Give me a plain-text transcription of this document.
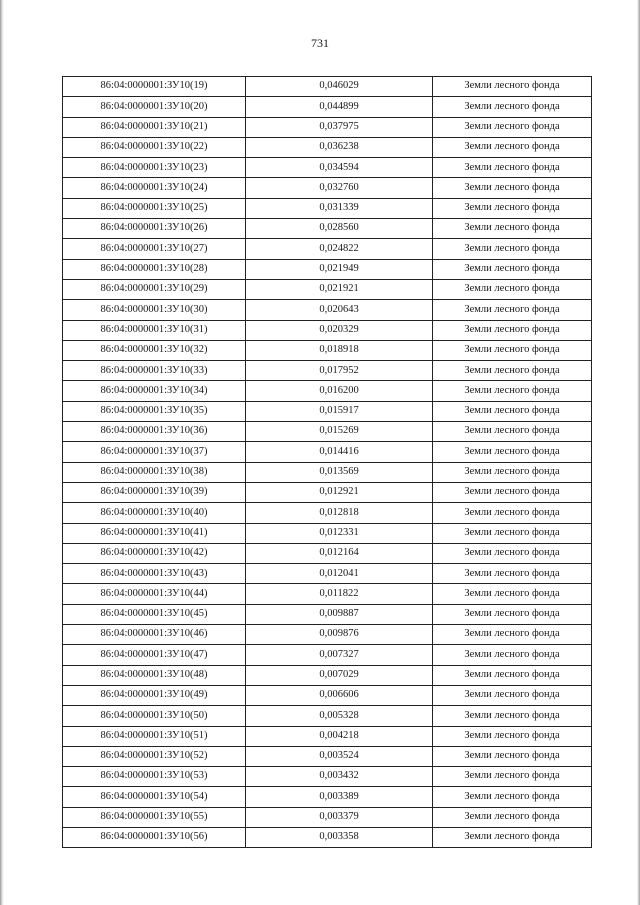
731
86:04:0000001:ЗУ10(19)	0,046029	Земли лесного фонда
86:04:0000001:ЗУ10(20)	0,044899	Земли лесного фонда
86:04:0000001:ЗУ10(21)	0,037975	Земли лесного фонда
86:04:0000001:ЗУ10(22)	0,036238	Земли лесного фонда
86:04:0000001:ЗУ10(23)	0,034594	Земли лесного фонда
86:04:0000001:ЗУ10(24)	0,032760	Земли лесного фонда
86:04:0000001:ЗУ10(25)	0,031339	Земли лесного фонда
86:04:0000001:ЗУ10(26)	0,028560	Земли лесного фонда
86:04:0000001:ЗУ10(27)	0,024822	Земли лесного фонда
86:04:0000001:ЗУ10(28)	0,021949	Земли лесного фонда
86:04:0000001:ЗУ10(29)	0,021921	Земли лесного фонда
86:04:0000001:ЗУ10(30)	0,020643	Земли лесного фонда
86:04:0000001:ЗУ10(31)	0,020329	Земли лесного фонда
86:04:0000001:ЗУ10(32)	0,018918	Земли лесного фонда
86:04:0000001:ЗУ10(33)	0,017952	Земли лесного фонда
86:04:0000001:ЗУ10(34)	0,016200	Земли лесного фонда
86:04:0000001:ЗУ10(35)	0,015917	Земли лесного фонда
86:04:0000001:ЗУ10(36)	0,015269	Земли лесного фонда
86:04:0000001:ЗУ10(37)	0,014416	Земли лесного фонда
86:04:0000001:ЗУ10(38)	0,013569	Земли лесного фонда
86:04:0000001:ЗУ10(39)	0,012921	Земли лесного фонда
86:04:0000001:ЗУ10(40)	0,012818	Земли лесного фонда
86:04:0000001:ЗУ10(41)	0,012331	Земли лесного фонда
86:04:0000001:ЗУ10(42)	0,012164	Земли лесного фонда
86:04:0000001:ЗУ10(43)	0,012041	Земли лесного фонда
86:04:0000001:ЗУ10(44)	0,011822	Земли лесного фонда
86:04:0000001:ЗУ10(45)	0,009887	Земли лесного фонда
86:04:0000001:ЗУ10(46)	0,009876	Земли лесного фонда
86:04:0000001:ЗУ10(47)	0,007327	Земли лесного фонда
86:04:0000001:ЗУ10(48)	0,007029	Земли лесного фонда
86:04:0000001:ЗУ10(49)	0,006606	Земли лесного фонда
86:04:0000001:ЗУ10(50)	0,005328	Земли лесного фонда
86:04:0000001:ЗУ10(51)	0,004218	Земли лесного фонда
86:04:0000001:ЗУ10(52)	0,003524	Земли лесного фонда
86:04:0000001:ЗУ10(53)	0,003432	Земли лесного фонда
86:04:0000001:ЗУ10(54)	0,003389	Земли лесного фонда
86:04:0000001:ЗУ10(55)	0,003379	Земли лесного фонда
86:04:0000001:ЗУ10(56)	0,003358	Земли лесного фонда
